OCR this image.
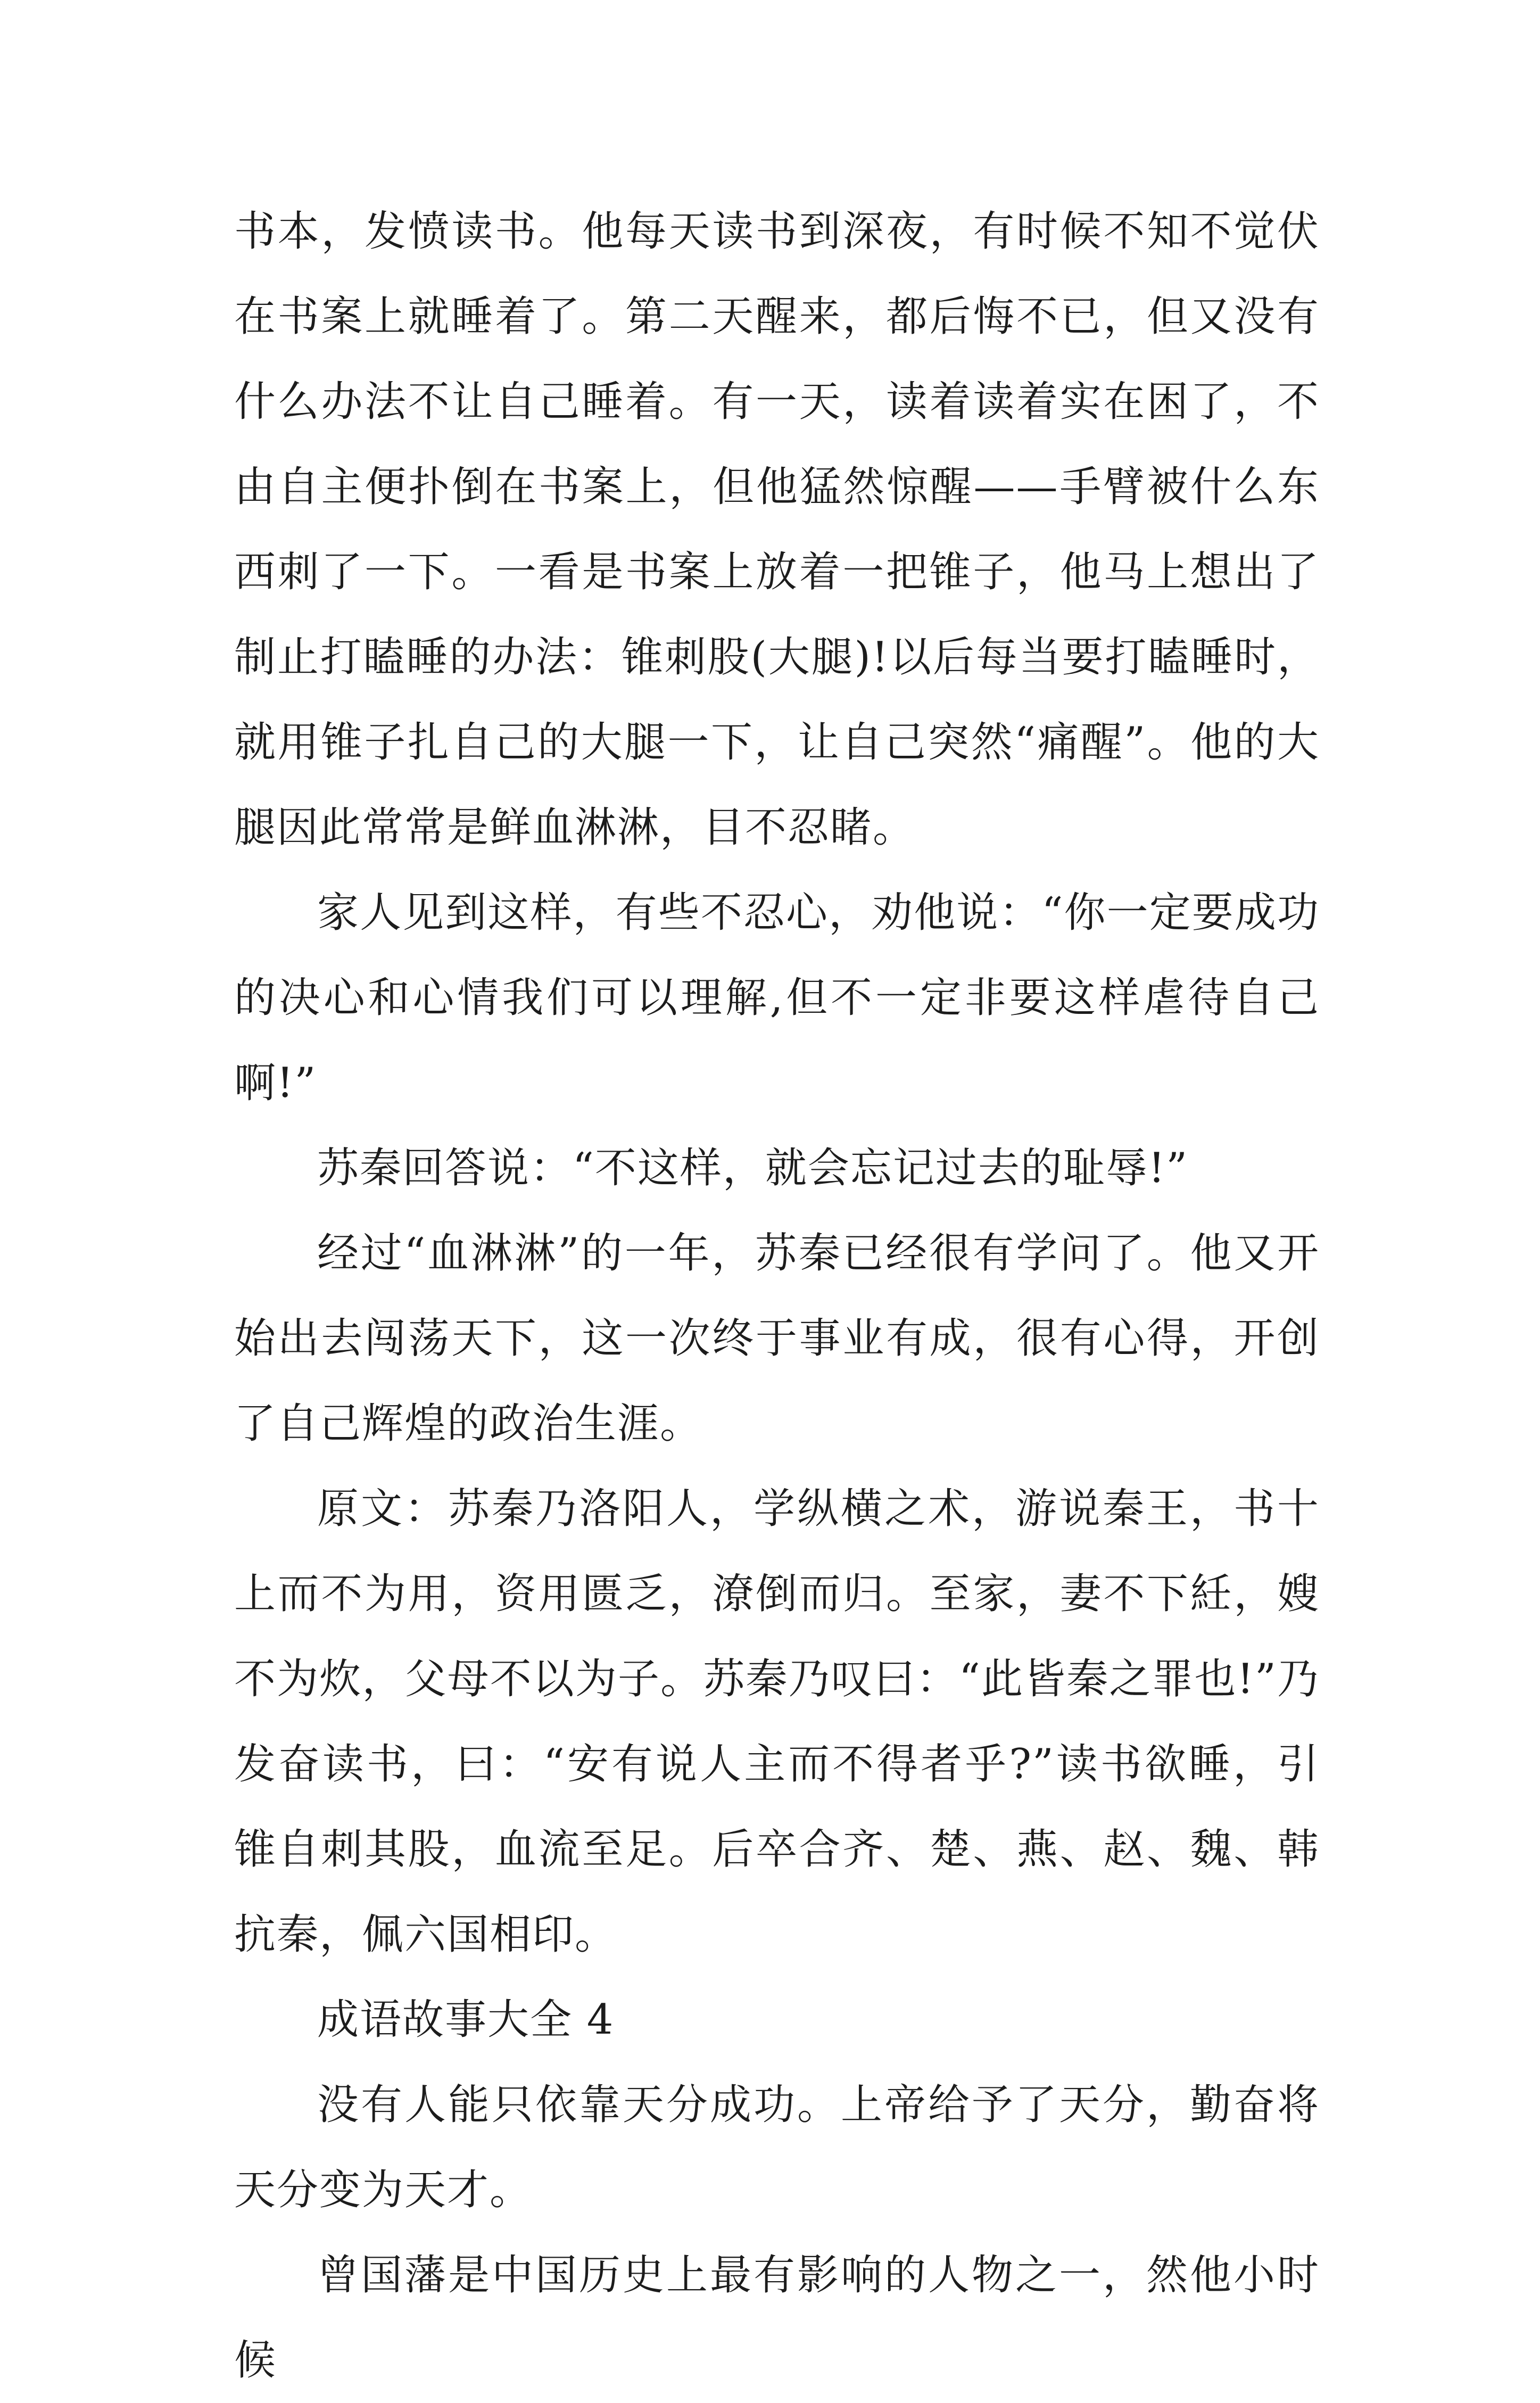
书本，发愤读书。他每天读书到深夜，有时候不知不觉伏在书案上就睡着了。第二天醒来，都后悔不已，但又没有什么办法不让自己睡着。有一天，读着读着实在困了，不由自主便扑倒在书案上，但他猛然惊醒——手臂被什么东西刺了一下。一看是书案上放着一把锥子，他马上想出了制止打瞌睡的办法：锥刺股(大腿)!以后每当要打瞌睡时，就用锥子扎自己的大腿一下，让自己突然“痛醒”。他的大腿因此常常是鲜血淋淋，目不忍睹。

家人见到这样，有些不忍心，劝他说：“你一定要成功的决心和心情我们可以理解,但不一定非要这样虐待自己啊!”

苏秦回答说：“不这样，就会忘记过去的耻辱!”

经过“血淋淋”的一年，苏秦已经很有学问了。他又开始出去闯荡天下，这一次终于事业有成，很有心得，开创了自己辉煌的政治生涯。

原文：苏秦乃洛阳人，学纵横之术，游说秦王，书十上而不为用，资用匮乏，潦倒而归。至家，妻不下紝，嫂不为炊，父母不以为子。苏秦乃叹曰：“此皆秦之罪也!”乃发奋读书，曰：“安有说人主而不得者乎?”读书欲睡，引锥自刺其股，血流至足。后卒合齐、楚、燕、赵、魏、韩抗秦，佩六国相印。

成语故事大全 4

没有人能只依靠天分成功。上帝给予了天分，勤奋将天分变为天才。

曾国藩是中国历史上最有影响的人物之一，然他小时候
